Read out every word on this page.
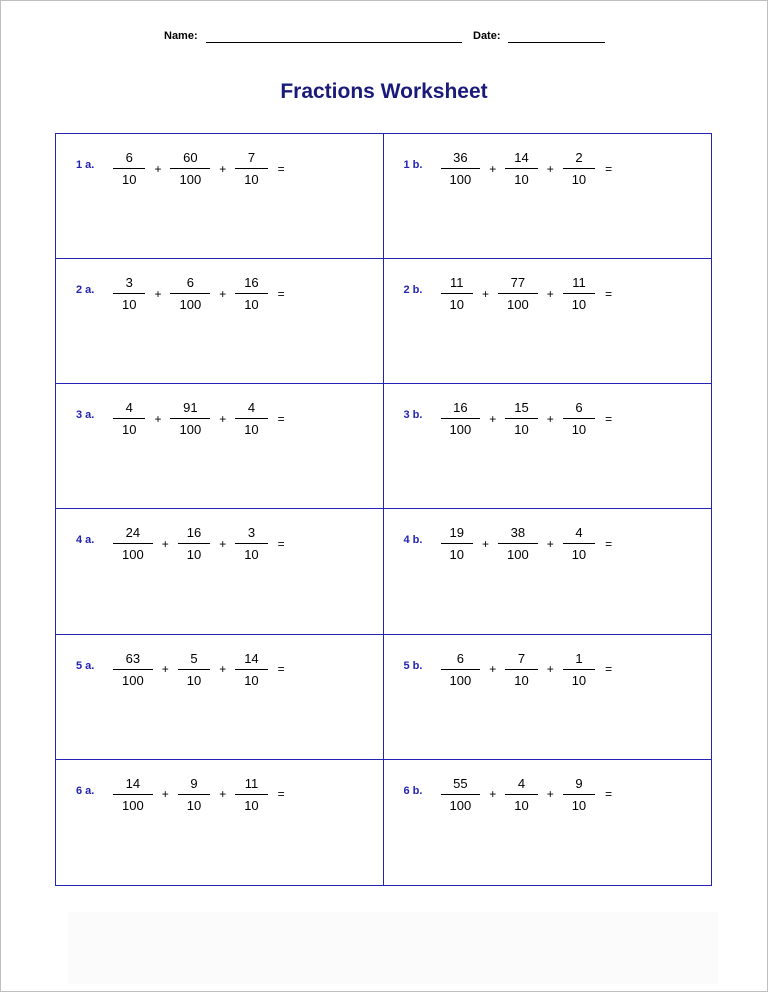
Name:	Date:
Fractions Worksheet
1 a. $\frac{6}{10} + \frac{60}{100} + \frac{7}{10}$ =	1 b. $\frac{36}{100} + \frac{14}{10} + \frac{2}{10}$ =
2 a. $\frac{3}{10} + \frac{6}{100} + \frac{16}{10}$ =	2 b. $\frac{11}{10} + \frac{77}{100} + \frac{11}{10}$ =
3 a. $\frac{4}{10} + \frac{91}{100} + \frac{4}{10}$ =	3 b. $\frac{16}{100} + \frac{15}{10} + \frac{6}{10}$ =
4 a. $\frac{24}{100} + \frac{16}{10} + \frac{3}{10}$ =	4 b. $\frac{19}{10} + \frac{38}{100} + \frac{4}{10}$ =
5 a. $\frac{63}{100} + \frac{5}{10} + \frac{14}{10}$ =	5 b. $\frac{6}{100} + \frac{7}{10} + \frac{1}{10}$ =
6 a. $\frac{14}{100} + \frac{9}{10} + \frac{11}{10}$ =	6 b. $\frac{55}{100} + \frac{4}{10} + \frac{9}{10}$ =
